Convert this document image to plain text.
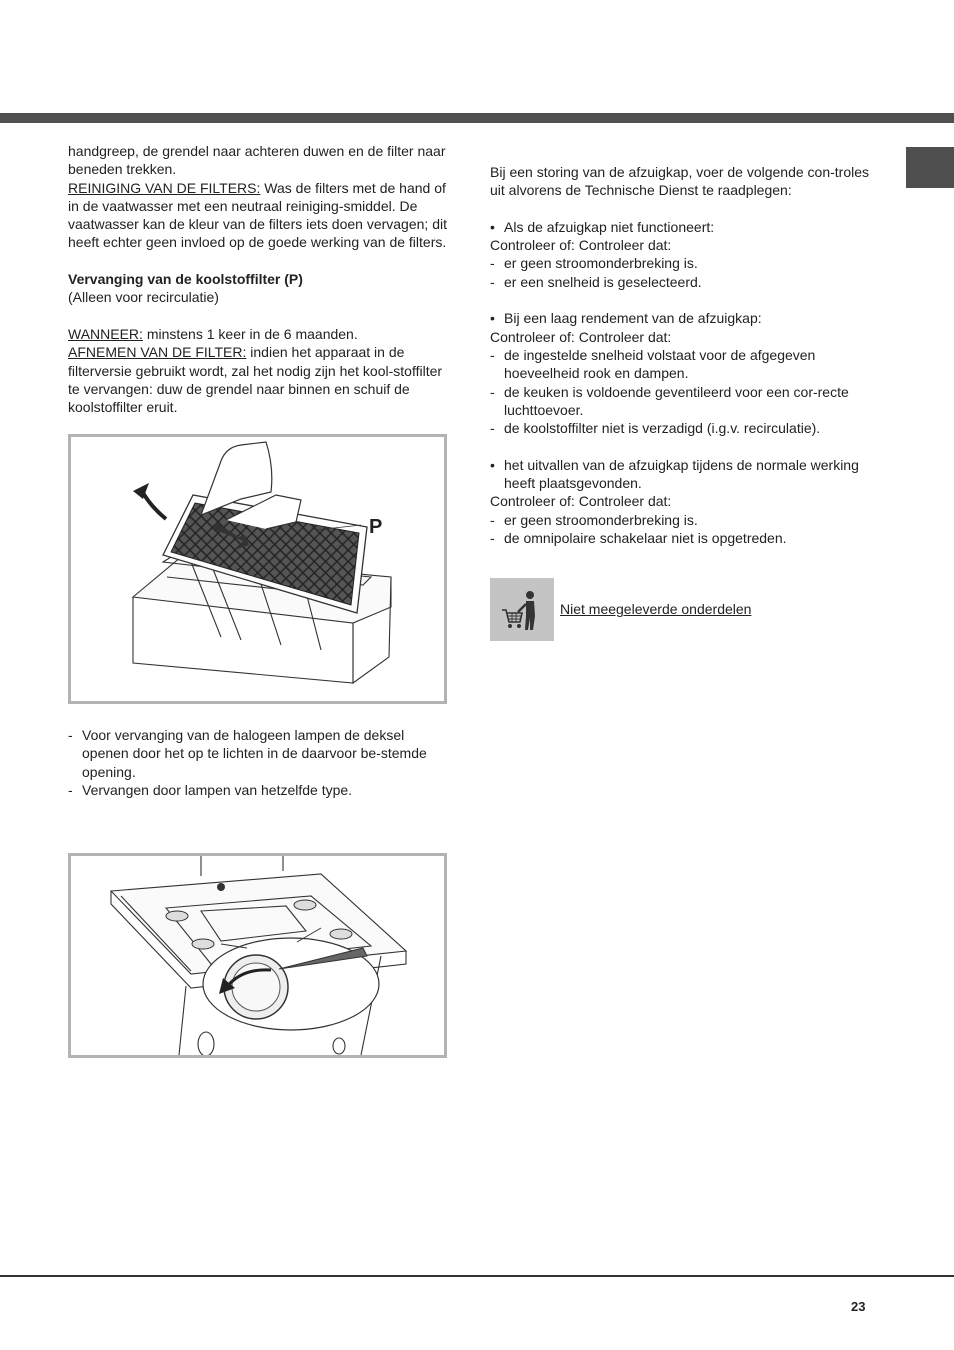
handgreep, de grendel naar achteren duwen en de filter naar beneden trekken.

REINIGING VAN DE FILTERS: Was de filters met de hand of in de vaatwasser met een neutraal reiniging-smiddel. De vaatwasser kan de kleur van de filters iets doen vervagen; dit heeft echter geen invloed op de goede werking van de filters.

Vervanging van de koolstoffilter (P)

(Alleen voor recirculatie)

WANNEER: minstens 1 keer in de 6 maanden.

AFNEMEN VAN DE FILTER: indien het apparaat in de filterversie gebruikt wordt, zal het nodig zijn het kool-stoffilter te vervangen: duw de grendel naar binnen en schuif de koolstoffilter eruit.

P
- Voor vervanging van de halogeen lampen de deksel openen door het op te lichten in de daarvoor be-stemde opening.
- Vervangen door lampen van hetzelfde type.

Bij een storing van de afzuigkap, voer de volgende con-troles uit alvorens de Technische Dienst te raadplegen:

• Als de afzuigkap niet functioneert:

Controleer of: Controleer dat:

- er geen stroomonderbreking is.
- er een snelheid is geselecteerd.
• Bij een laag rendement van de afzuigkap:

Controleer of: Controleer dat:

- de ingestelde snelheid volstaat voor de afgegeven hoeveelheid rook en dampen.
- de keuken is voldoende geventileerd voor een cor-recte luchttoevoer.
- de koolstoffilter niet is verzadigd (i.g.v. recirculatie).
• het uitvallen van de afzuigkap tijdens de normale werking heeft plaatsgevonden.

Controleer of: Controleer dat:

- er geen stroomonderbreking is.
- de omnipolaire schakelaar niet is opgetreden.
Niet meegeleverde onderdelen
23
